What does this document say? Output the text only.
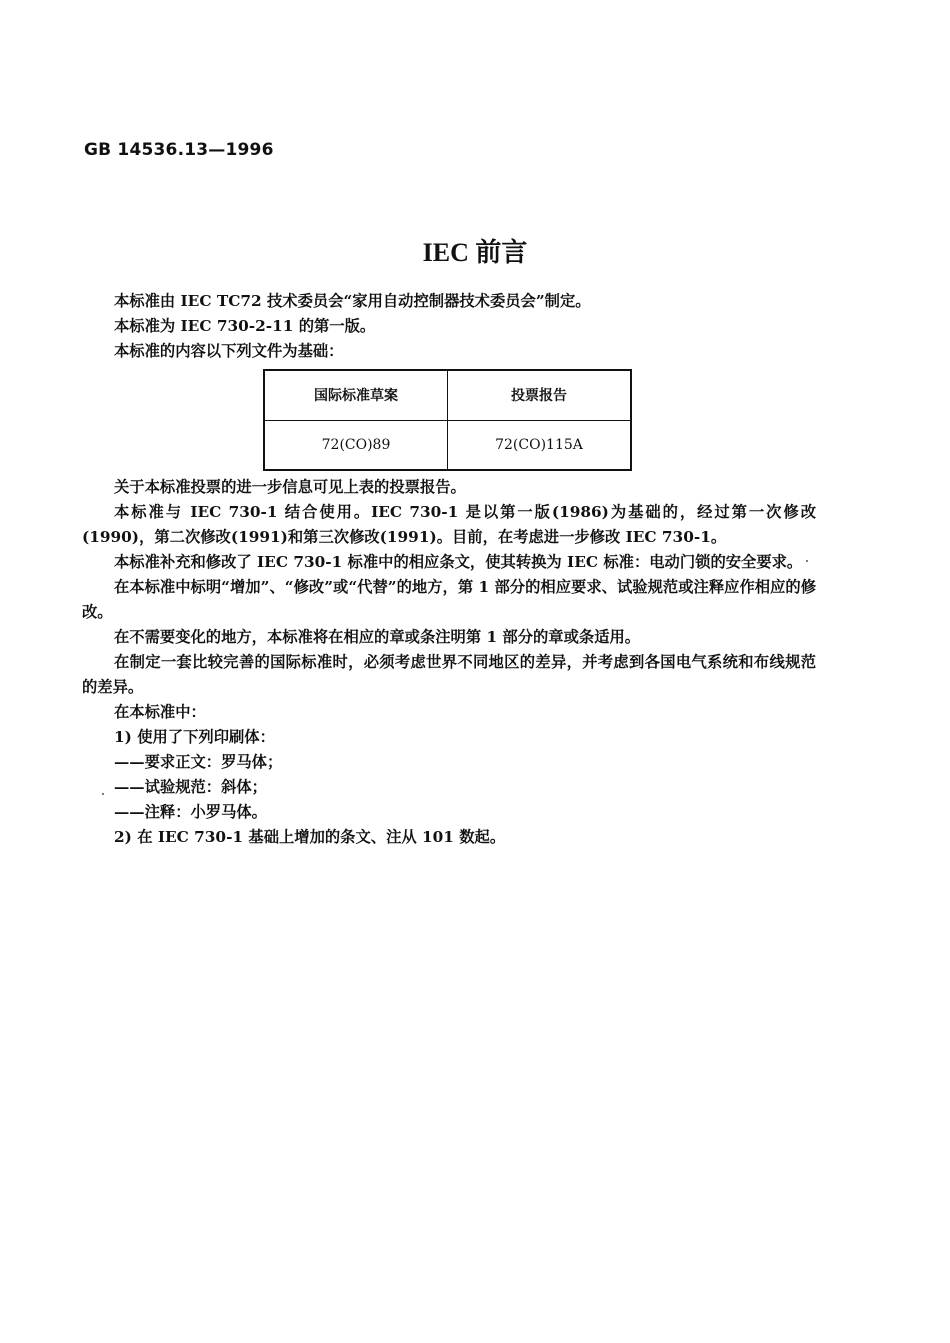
GB 14536.13—1996
IEC 前言
本标准由 IEC TC72 技术委员会“家用自动控制器技术委员会”制定。
本标准为 IEC 730-2-11 的第一版。
本标准的内容以下列文件为基础：
国际标准草案	投票报告
72(CO)89	72(CO)115A
关于本标准投票的进一步信息可见上表的投票报告。
本标准与 IEC 730-1 结合使用。IEC 730-1 是以第一版(1986)为基础的，经过第一次修改(1990)，第二次修改(1991)和第三次修改(1991)。目前，在考虑进一步修改 IEC 730-1。
本标准补充和修改了 IEC 730-1 标准中的相应条文，使其转换为 IEC 标准：电动门锁的安全要求。
在本标准中标明“增加”、“修改”或“代替”的地方，第 1 部分的相应要求、试验规范或注释应作相应的修改。
在不需要变化的地方，本标准将在相应的章或条注明第 1 部分的章或条适用。
在制定一套比较完善的国际标准时，必须考虑世界不同地区的差异，并考虑到各国电气系统和布线规范的差异。
在本标准中：
1) 使用了下列印刷体：
——要求正文：罗马体；
——试验规范：斜体；
——注释：小罗马体。
2) 在 IEC 730-1 基础上增加的条文、注从 101 数起。
